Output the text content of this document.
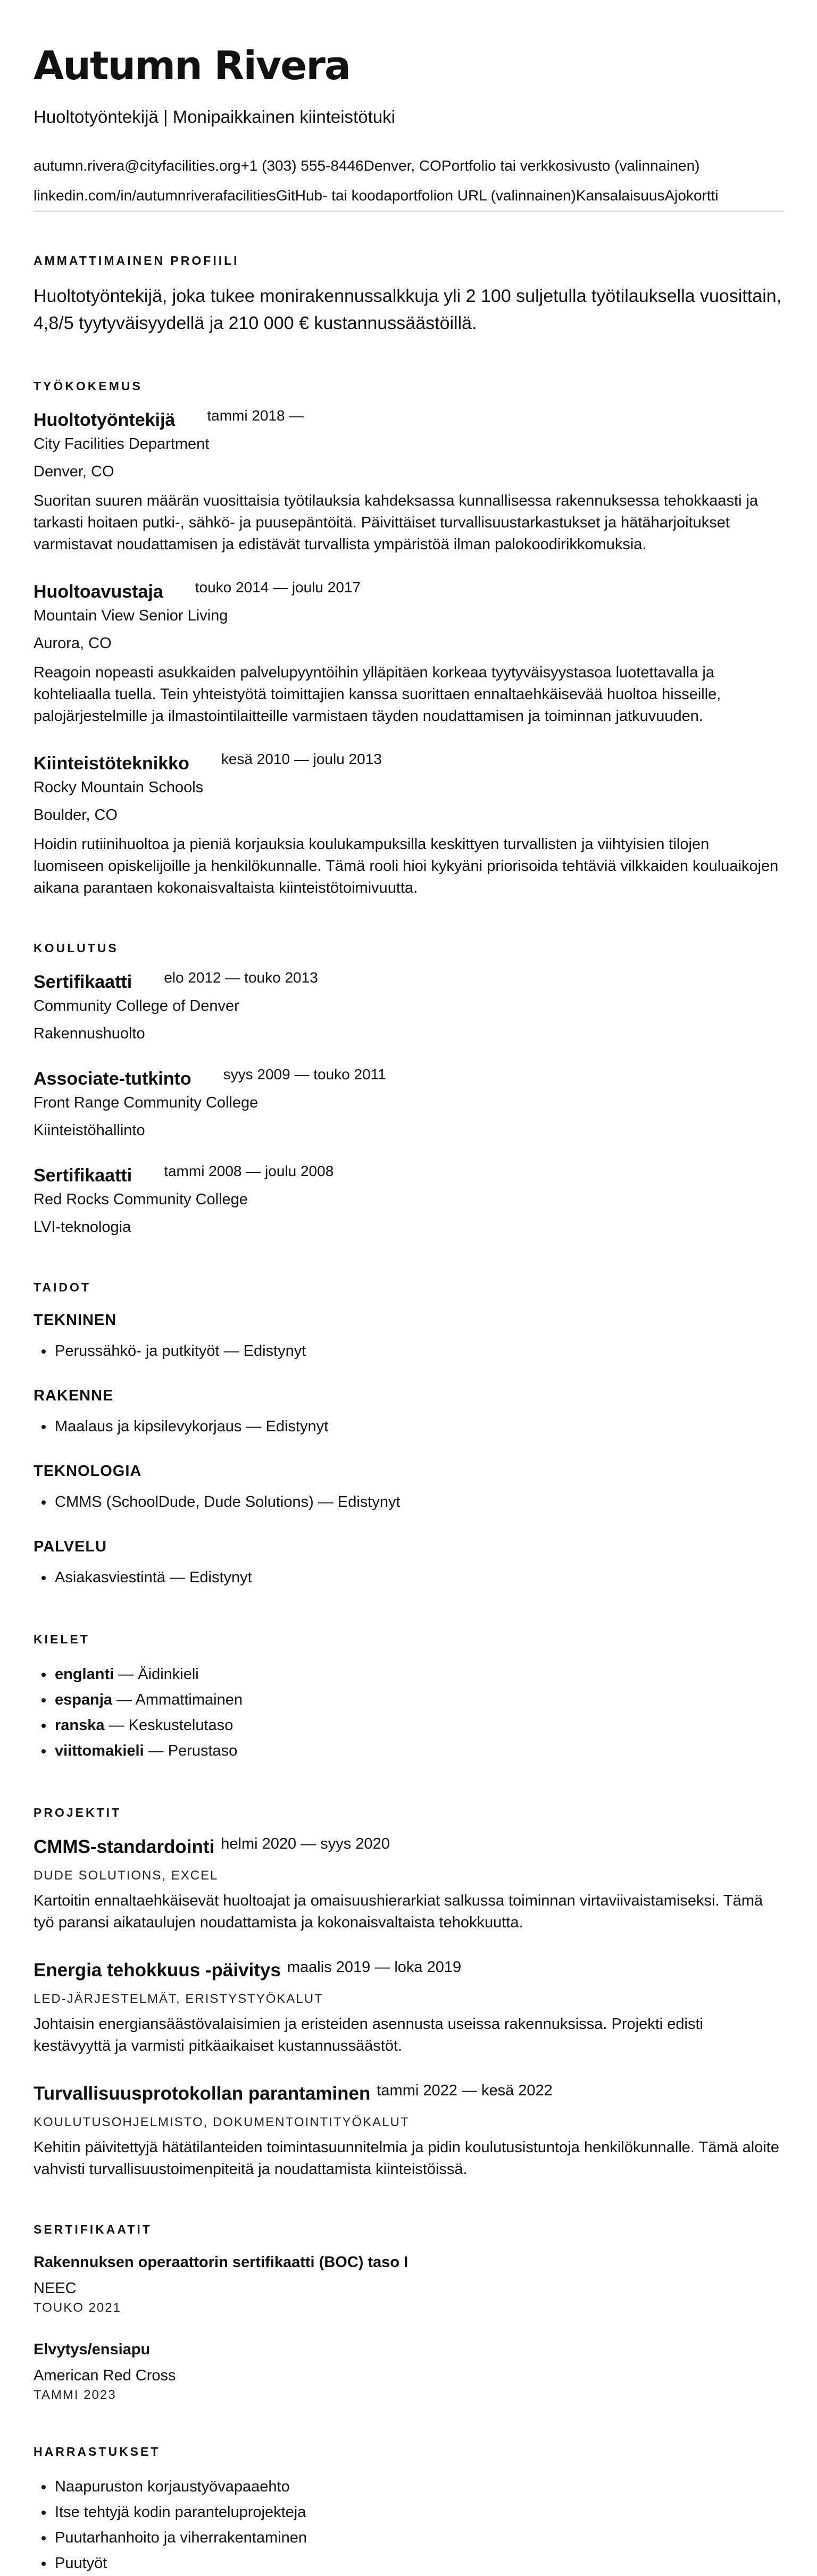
Autumn Rivera
Huoltotyöntekijä | Monipaikkainen kiinteistötuki
autumn.rivera@cityfacilities.org +1 (303) 555-8446 Denver, CO Portfolio tai verkkosivusto (valinnainen)
linkedin.com/in/autumnriverafacilities GitHub- tai koodaportfolion URL (valinnainen) Kansalaisuus Ajokortti
AMMATTIMAINEN PROFIILI
Huoltotyöntekijä, joka tukee monirakennussalkkuja yli 2 100 suljetulla työtilauksella vuosittain, 4,8/5 tyytyväisyydellä ja 210 000 € kustannussäästöillä.
TYÖKOKEMUS
Huoltotyöntekijä tammi 2018 —
City Facilities Department
Denver, CO
Suoritan suuren määrän vuosittaisia työtilauksia kahdeksassa kunnallisessa rakennuksessa tehokkaasti ja tarkasti hoitaen putki-, sähkö- ja puusepäntöitä. Päivittäiset turvallisuustarkastukset ja hätäharjoitukset varmistavat noudattamisen ja edistävät turvallista ympäristöä ilman palokoodirikkomuksia.
Huoltoavustaja touko 2014 — joulu 2017
Mountain View Senior Living
Aurora, CO
Reagoin nopeasti asukkaiden palvelupyyntöihin ylläpitäen korkeaa tyytyväisyystasoa luotettavalla ja kohteliaalla tuella. Tein yhteistyötä toimittajien kanssa suorittaen ennaltaehkäisevää huoltoa hisseille, palojärjestelmille ja ilmastointilaitteille varmistaen täyden noudattamisen ja toiminnan jatkuvuuden.
Kiinteistöteknikko kesä 2010 — joulu 2013
Rocky Mountain Schools
Boulder, CO
Hoidin rutiinihuoltoa ja pieniä korjauksia koulukampuksilla keskittyen turvallisten ja viihtyisien tilojen luomiseen opiskelijoille ja henkilökunnalle. Tämä rooli hioi kykyäni priorisoida tehtäviä vilkkaiden kouluaikojen aikana parantaen kokonaisvaltaista kiinteistötoimivuutta.
KOULUTUS
Sertifikaatti elo 2012 — touko 2013
Community College of Denver
Rakennushuolto
Associate-tutkinto syys 2009 — touko 2011
Front Range Community College
Kiinteistöhallinto
Sertifikaatti tammi 2008 — joulu 2008
Red Rocks Community College
LVI-teknologia
TAIDOT
TEKNINEN
• Perussähkö- ja putkityöt — Edistynyt
RAKENNE
• Maalaus ja kipsilevykorjaus — Edistynyt
TEKNOLOGIA
• CMMS (SchoolDude, Dude Solutions) — Edistynyt
PALVELU
• Asiakasviestintä — Edistynyt
KIELET
• englanti — Äidinkieli
• espanja — Ammattimainen
• ranska — Keskustelutaso
• viittomakieli — Perustaso
PROJEKTIT
CMMS-standardointi helmi 2020 — syys 2020
DUDE SOLUTIONS, EXCEL
Kartoitin ennaltaehkäisevät huoltoajat ja omaisuushierarkiat salkussa toiminnan virtaviivaistamiseksi. Tämä työ paransi aikataulujen noudattamista ja kokonaisvaltaista tehokkuutta.
Energia tehokkuus -päivitys maalis 2019 — loka 2019
LED-JÄRJESTELMÄT, ERISTYSTYÖKALUT
Johtaisin energiansäästövalaisimien ja eristeiden asennusta useissa rakennuksissa. Projekti edisti kestävyyttä ja varmisti pitkäaikaiset kustannussäästöt.
Turvallisuusprotokollan parantaminen tammi 2022 — kesä 2022
KOULUTUSOHJELMISTO, DOKUMENTOINTITYÖKALUT
Kehitin päivitettyjä hätätilanteiden toimintasuunnitelmia ja pidin koulutusistuntoja henkilökunnalle. Tämä aloite vahvisti turvallisuustoimenpiteitä ja noudattamista kiinteistöissä.
SERTIFIKAATIT
Rakennuksen operaattorin sertifikaatti (BOC) taso I
NEEC
TOUKO 2021
Elvytys/ensiapu
American Red Cross
TAMMI 2023
HARRASTUKSET
• Naapuruston korjaustyövapaaehto
• Itse tehtyjä kodin paranteluprojekteja
• Puutarhanhoito ja viherrakentaminen
• Puutyöt
